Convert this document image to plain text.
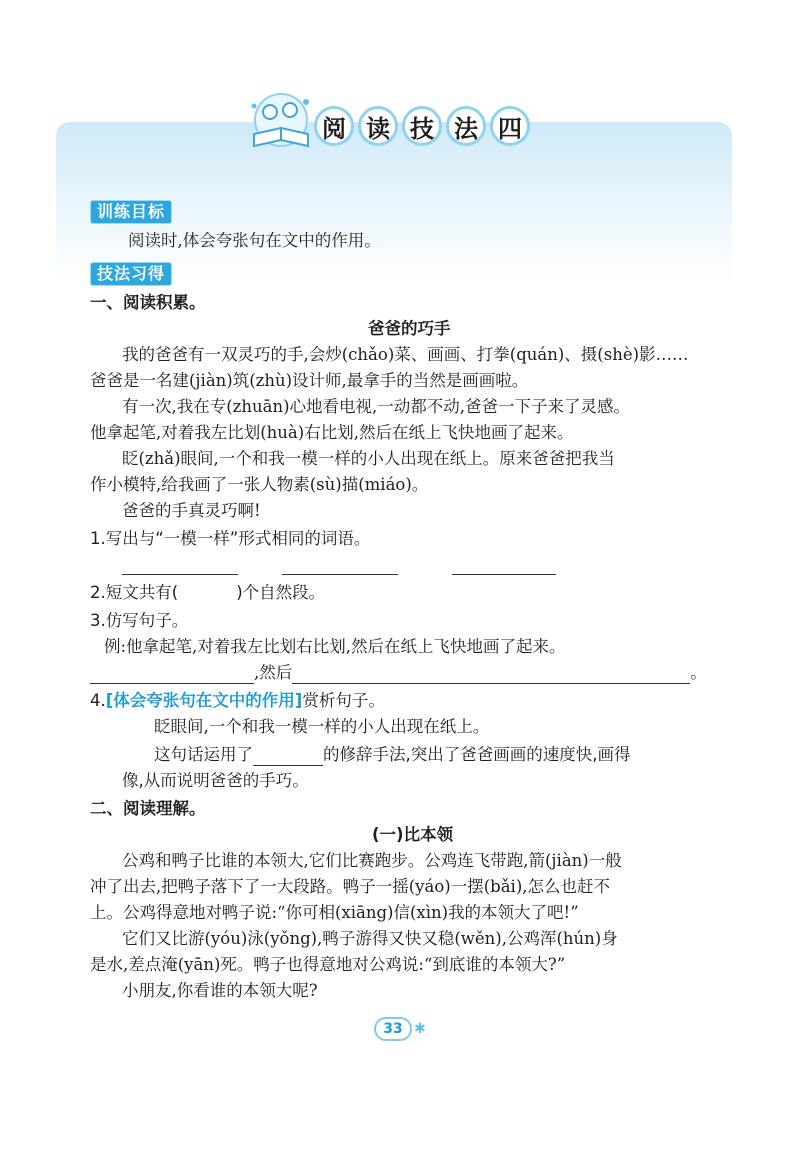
阅 读 技 法 四
训练目标
阅读时,体会夸张句在文中的作用。
技法习得
一、阅读积累。
爸爸的巧手
我的爸爸有一双灵巧的手,会炒(chǎo)菜、画画、打拳(quán)、摄(shè)影……
爸爸是一名建(jiàn)筑(zhù)设计师,最拿手的当然是画画啦。
有一次,我在专(zhuān)心地看电视,一动都不动,爸爸一下子来了灵感。
他拿起笔,对着我左比划(huà)右比划,然后在纸上飞快地画了起来。
眨(zhǎ)眼间,一个和我一模一样的小人出现在纸上。原来爸爸把我当
作小模特,给我画了一张人物素(sù)描(miáo)。
爸爸的手真灵巧啊!
1.写出与“一模一样”形式相同的词语。
2.短文共有(	)个自然段。
3.仿写句子。
例:他拿起笔,对着我左比划右比划,然后在纸上飞快地画了起来。
,然后	。
4.[体会夸张句在文中的作用]赏析句子。
眨眼间,一个和我一模一样的小人出现在纸上。
这句话运用了	的修辞手法,突出了爸爸画画的速度快,画得
像,从而说明爸爸的手巧。
二、阅读理解。
(一)比本领
公鸡和鸭子比谁的本领大,它们比赛跑步。公鸡连飞带跑,箭(jiàn)一般
冲了出去,把鸭子落下了一大段路。鸭子一摇(yáo)一摆(bǎi),怎么也赶不
上。公鸡得意地对鸭子说:“你可相(xiāng)信(xìn)我的本领大了吧!”
它们又比游(yóu)泳(yǒng),鸭子游得又快又稳(wěn),公鸡浑(hún)身
是水,差点淹(yān)死。鸭子也得意地对公鸡说:“到底谁的本领大?”
小朋友,你看谁的本领大呢?
33 ✱
